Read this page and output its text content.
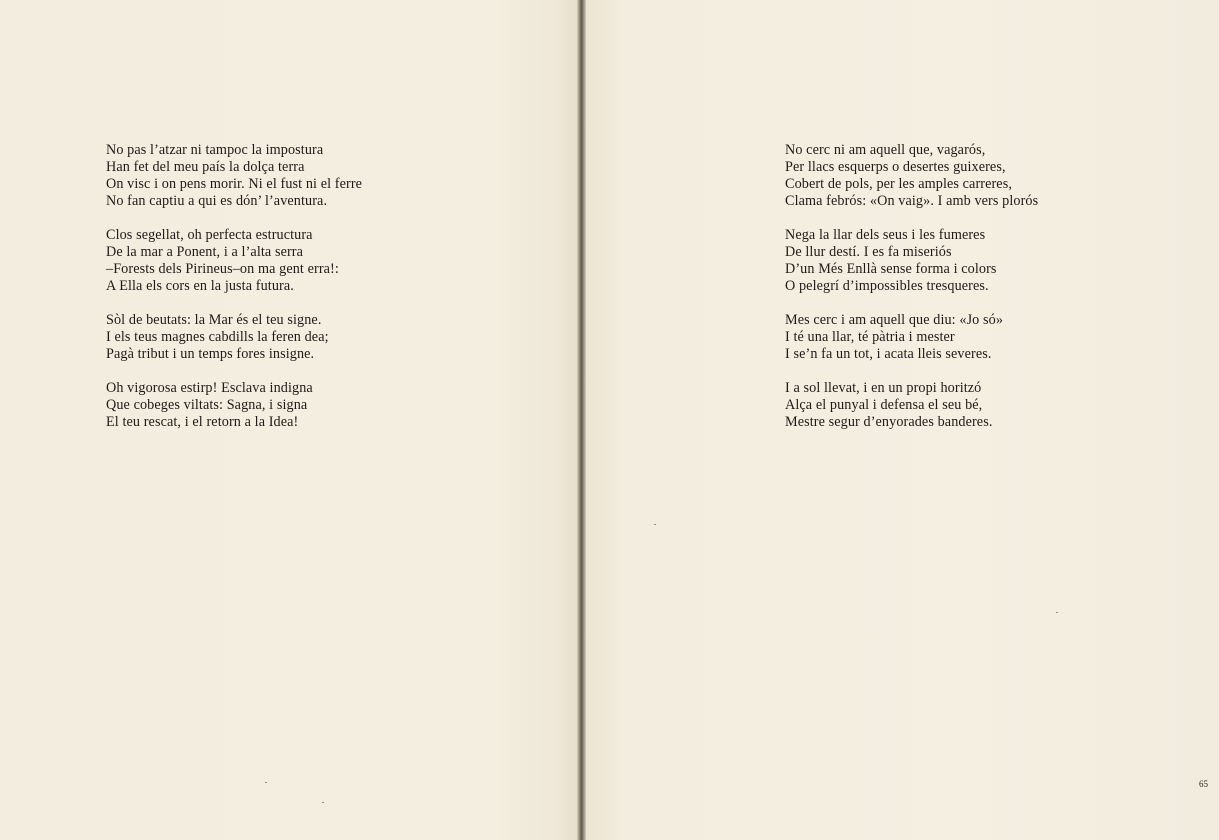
No pas l’atzar ni tampoc la impostura
Han fet del meu país la dolça terra
On visc i on pens morir. Ni el fust ni el ferre
No fan captiu a qui es dón’ l’aventura.
Clos segellat, oh perfecta estructura
De la mar a Ponent, i a l’alta serra
–Forests dels Pirineus–on ma gent erra!:
A Ella els cors en la justa futura.
Sòl de beutats: la Mar és el teu signe.
I els teus magnes cabdills la feren dea;
Pagà tribut i un temps fores insigne.
Oh vigorosa estirp! Esclava indigna
Que cobeges viltats: Sagna, i signa
El teu rescat, i el retorn a la Idea!
No cerc ni am aquell que, vagarós,
Per llacs esquerps o desertes guixeres,
Cobert de pols, per les amples carreres,
Clama febrós: «On vaig». I amb vers plorós
Nega la llar dels seus i les fumeres
De llur destí. I es fa miseriós
D’un Més Enllà sense forma i colors
O pelegrí d’impossibles tresqueres.
Mes cerc i am aquell que diu: «Jo só»
I té una llar, té pàtria i mester
I se’n fa un tot, i acata lleis severes.
I a sol llevat, i en un propi horitzó
Alça el punyal i defensa el seu bé,
Mestre segur d’enyorades banderes.
65
